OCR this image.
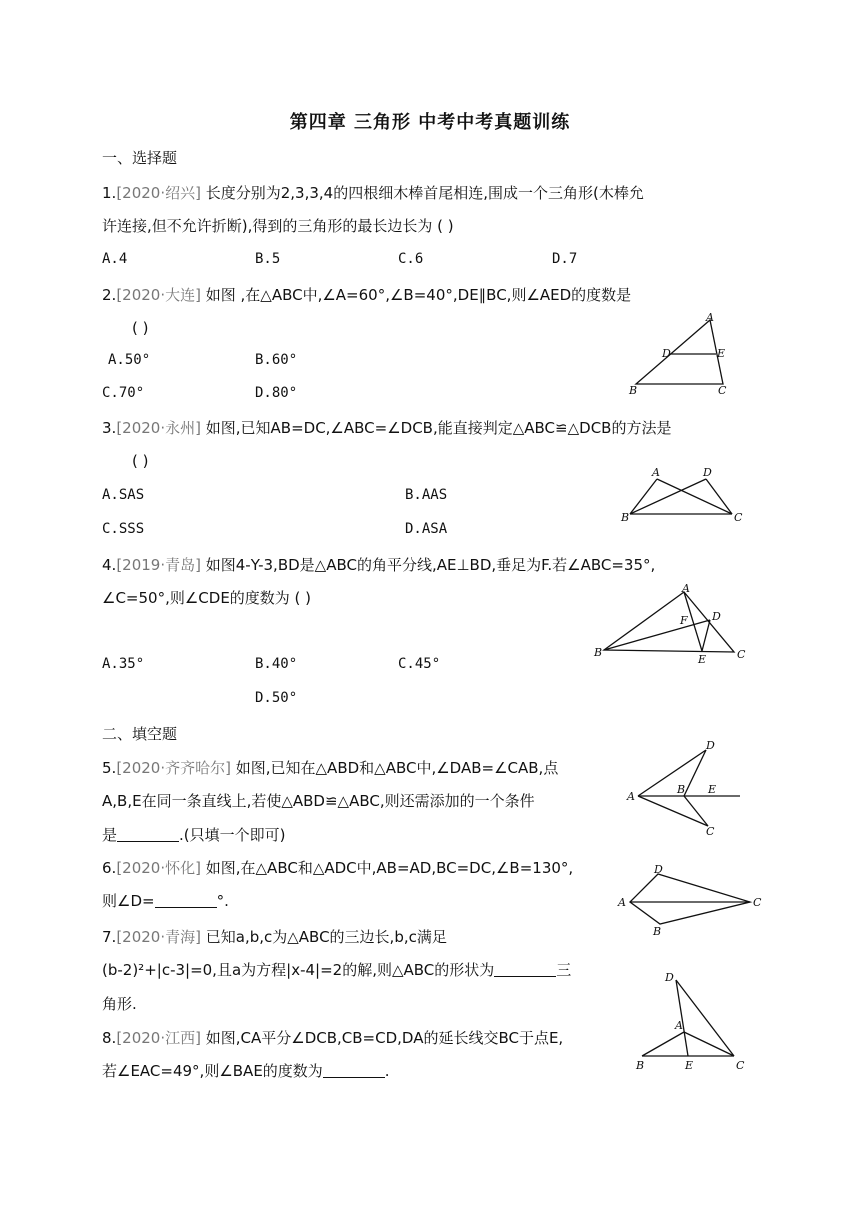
第四章 三角形 中考中考真题训练
一、选择题
1.[2020·绍兴] 长度分别为2,3,3,4的四根细木棒首尾相连,围成一个三角形(木棒允
许连接,但不允许折断),得到的三角形的最长边长为 ( )
A.4	B.5	C.6	D.7
2.[2020·大连] 如图 ,在△ABC中,∠A=60°,∠B=40°,DE∥BC,则∠AED的度数是
( )
A.50°	B.60°
C.70°	D.80°
A
D	E
B	C
3.[2020·永州] 如图,已知AB=DC,∠ABC=∠DCB,能直接判定△ABC≌△DCB的方法是
( )
A.SAS	B.AAS
C.SSS	D.ASA
A	D
B	C
4.[2019·青岛] 如图4-Y-3,BD是△ABC的角平分线,AE⊥BD,垂足为F.若∠ABC=35°,
∠C=50°,则∠CDE的度数为 ( )
A.35°	B.40°	C.45°
D.50°
A
F D
B
E	C
二、填空题
5.[2020·齐齐哈尔] 如图,已知在△ABD和△ABC中,∠DAB=∠CAB,点
A,B,E在同一条直线上,若使△ABD≌△ABC,则还需添加的一个条件
是	.(只填一个即可)
D
B E
A
C
6.[2020·怀化] 如图,在△ABC和△ADC中,AB=AD,BC=DC,∠B=130°,
则∠D=	°.
D
A	C
B
7.[2020·青海] 已知a,b,c为△ABC的三边长,b,c满足
(b-2)²+|c-3|=0,且a为方程|x-4|=2的解,则△ABC的形状为	三
角形.
8.[2020·江西] 如图,CA平分∠DCB,CB=CD,DA的延长线交BC于点E,
若∠EAC=49°,则∠BAE的度数为	.
D
A
B	E	C
